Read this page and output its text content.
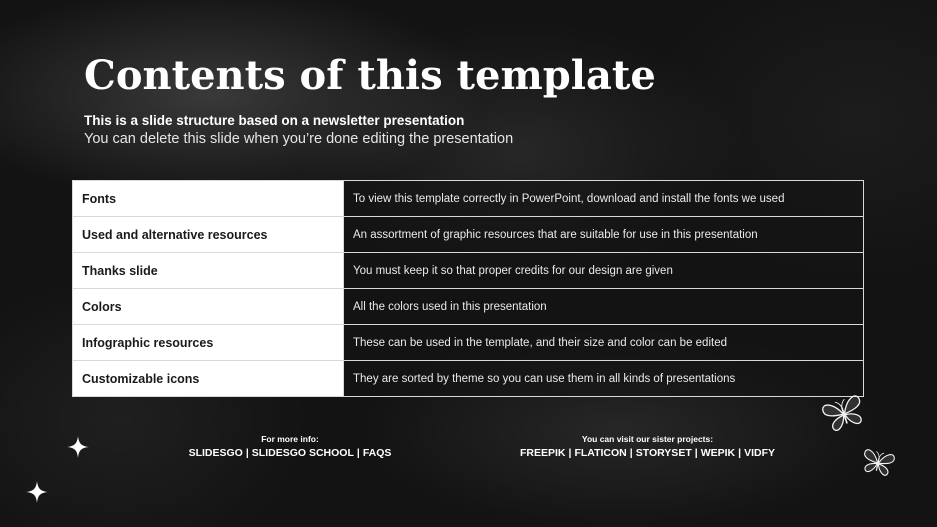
Contents of this template
This is a slide structure based on a newsletter presentation
You can delete this slide when you’re done editing the presentation
Fonts	To view this template correctly in PowerPoint, download and install the fonts we used
Used and alternative resources	An assortment of graphic resources that are suitable for use in this presentation
Thanks slide	You must keep it so that proper credits for our design are given
Colors	All the colors used in this presentation
Infographic resources	These can be used in the template, and their size and color can be edited
Customizable icons	They are sorted by theme so you can use them in all kinds of presentations
For more info:
SLIDESGO | SLIDESGO SCHOOL | FAQS
You can visit our sister projects:
FREEPIK | FLATICON | STORYSET | WEPIK | VIDFY
